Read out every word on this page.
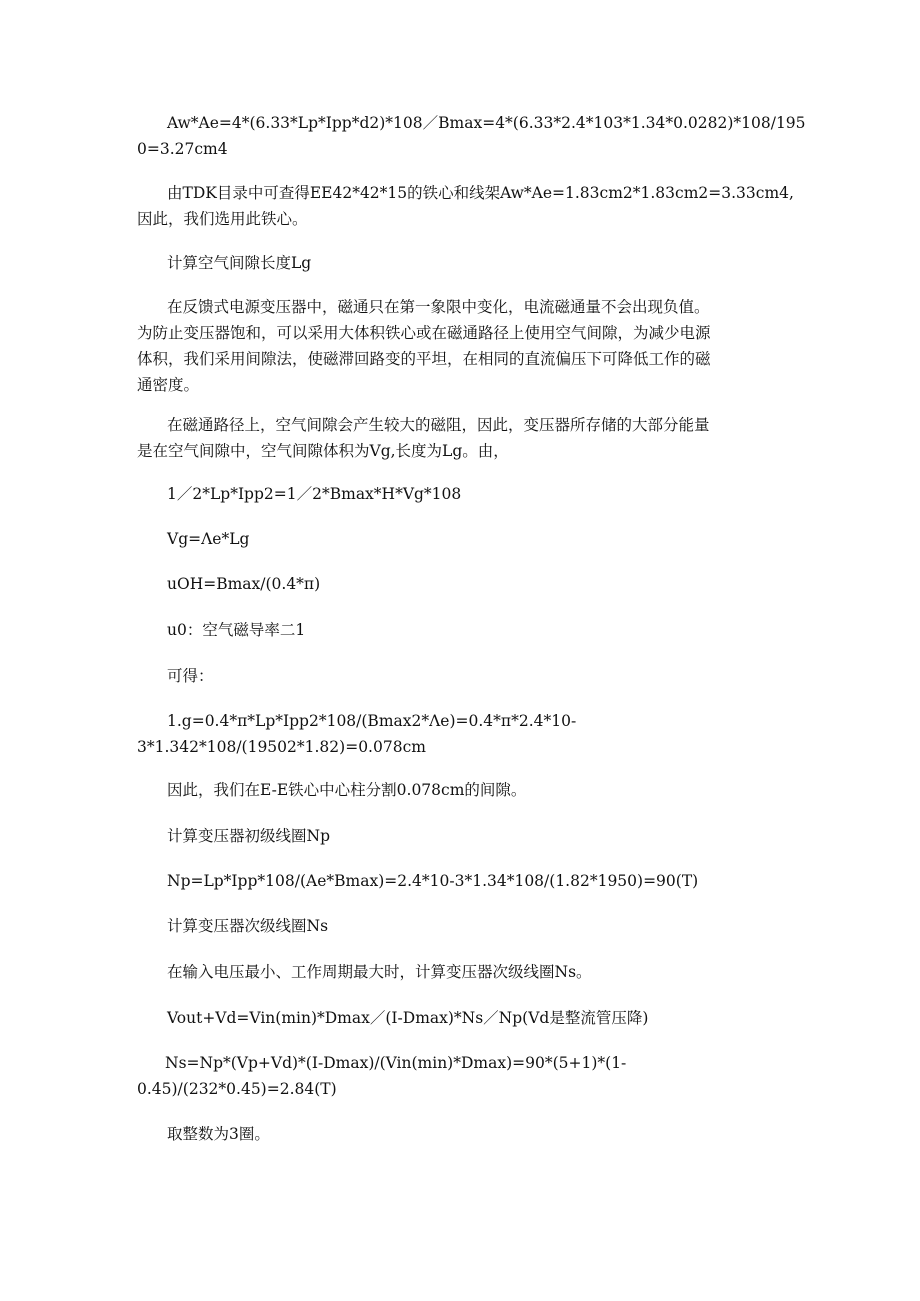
Aw*Ae=4*(6.33*Lp*Ipp*d2)*108／Bmax=4*(6.33*2.4*103*1.34*0.0282)*108/195
0=3.27cm4

由TDK目录中可查得EE42*42*15的铁心和线架Aw*Ae=1.83cm2*1.83cm2=3.33cm4,
因此，我们选用此铁心。

计算空气间隙长度Lg

在反馈式电源变压器中，磁通只在第一象限中变化，电流磁通量不会出现负值。
为防止变压器饱和，可以采用大体积铁心或在磁通路径上使用空气间隙，为减少电源
体积，我们采用间隙法，使磁滞回路变的平坦，在相同的直流偏压下可降低工作的磁
通密度。

在磁通路径上，空气间隙会产生较大的磁阻，因此，变压器所存储的大部分能量
是在空气间隙中，空气间隙体积为Vg,长度为Lg。由，

1／2*Lp*Ipp2=1／2*Bmax*H*Vg*108

Vg=Λe*Lg

uOH=Bmax/(0.4*π)

u0：空气磁导率二1

可得：

1.g=0.4*π*Lp*Ipp2*108/(Bmax2*Λe)=0.4*π*2.4*10-
3*1.342*108/(19502*1.82)=0.078cm

因此，我们在E-E铁心中心柱分割0.078cm的间隙。

计算变压器初级线圈Np

Np=Lp*Ipp*108/(Ae*Bmax)=2.4*10-3*1.34*108/(1.82*1950)=90(T)

计算变压器次级线圈Ns

在输入电压最小、工作周期最大时，计算变压器次级线圈Ns。

Vout+Vd=Vin(min)*Dmax／(I-Dmax)*Ns／Np(Vd是整流管压降)

Ns=Np*(Vp+Vd)*(I-Dmax)/(Vin(min)*Dmax)=90*(5+1)*(1-
0.45)/(232*0.45)=2.84(T)

取整数为3圈。
